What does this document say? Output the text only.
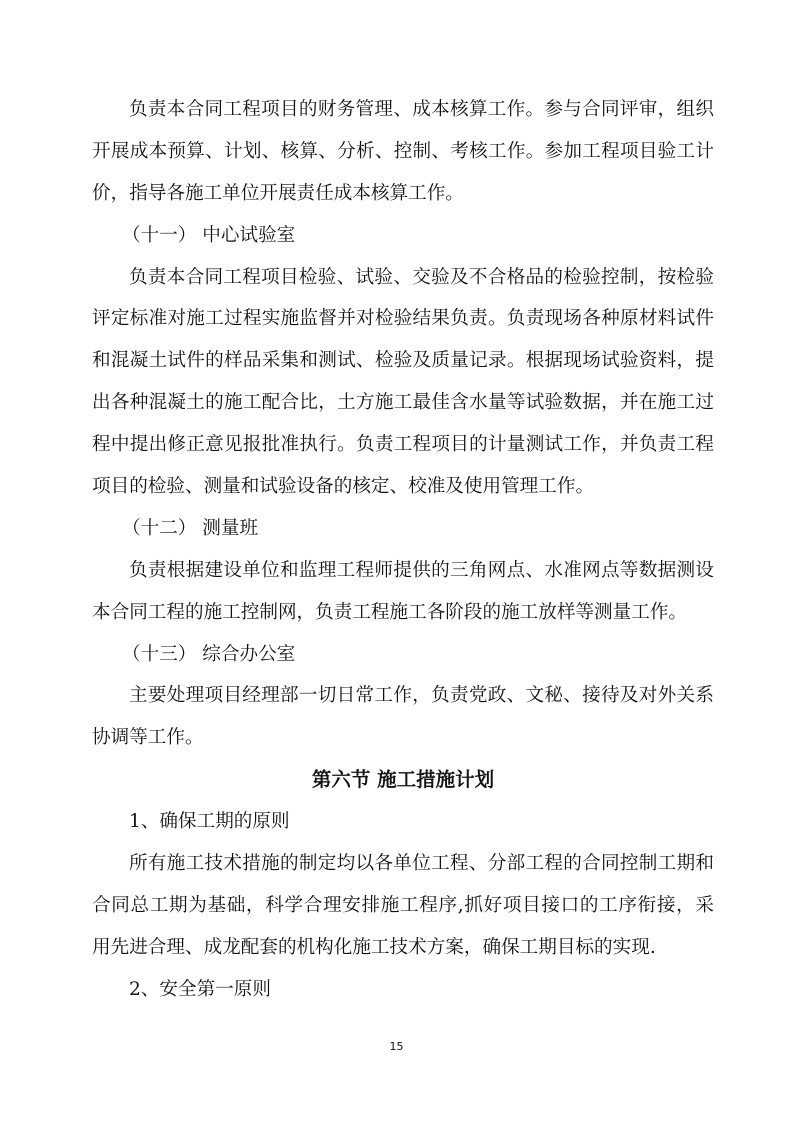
负责本合同工程项目的财务管理、成本核算工作。参与合同评审，组织
开展成本预算、计划、核算、分析、控制、考核工作。参加工程项目验工计
价，指导各施工单位开展责任成本核算工作。
（十一） 中心试验室
负责本合同工程项目检验、试验、交验及不合格品的检验控制，按检验
评定标准对施工过程实施监督并对检验结果负责。负责现场各种原材料试件
和混凝土试件的样品采集和测试、检验及质量记录。根据现场试验资料，提
出各种混凝土的施工配合比，土方施工最佳含水量等试验数据，并在施工过
程中提出修正意见报批准执行。负责工程项目的计量测试工作，并负责工程
项目的检验、测量和试验设备的核定、校准及使用管理工作。
（十二） 测量班
负责根据建设单位和监理工程师提供的三角网点、水准网点等数据测设
本合同工程的施工控制网，负责工程施工各阶段的施工放样等测量工作。
（十三） 综合办公室
主要处理项目经理部一切日常工作，负责党政、文秘、接待及对外关系
协调等工作。
第六节 施工措施计划
1、确保工期的原则
所有施工技术措施的制定均以各单位工程、分部工程的合同控制工期和
合同总工期为基础，科学合理安排施工程序,抓好项目接口的工序衔接，采
用先进合理、成龙配套的机构化施工技术方案，确保工期目标的实现.
2、安全第一原则
15
